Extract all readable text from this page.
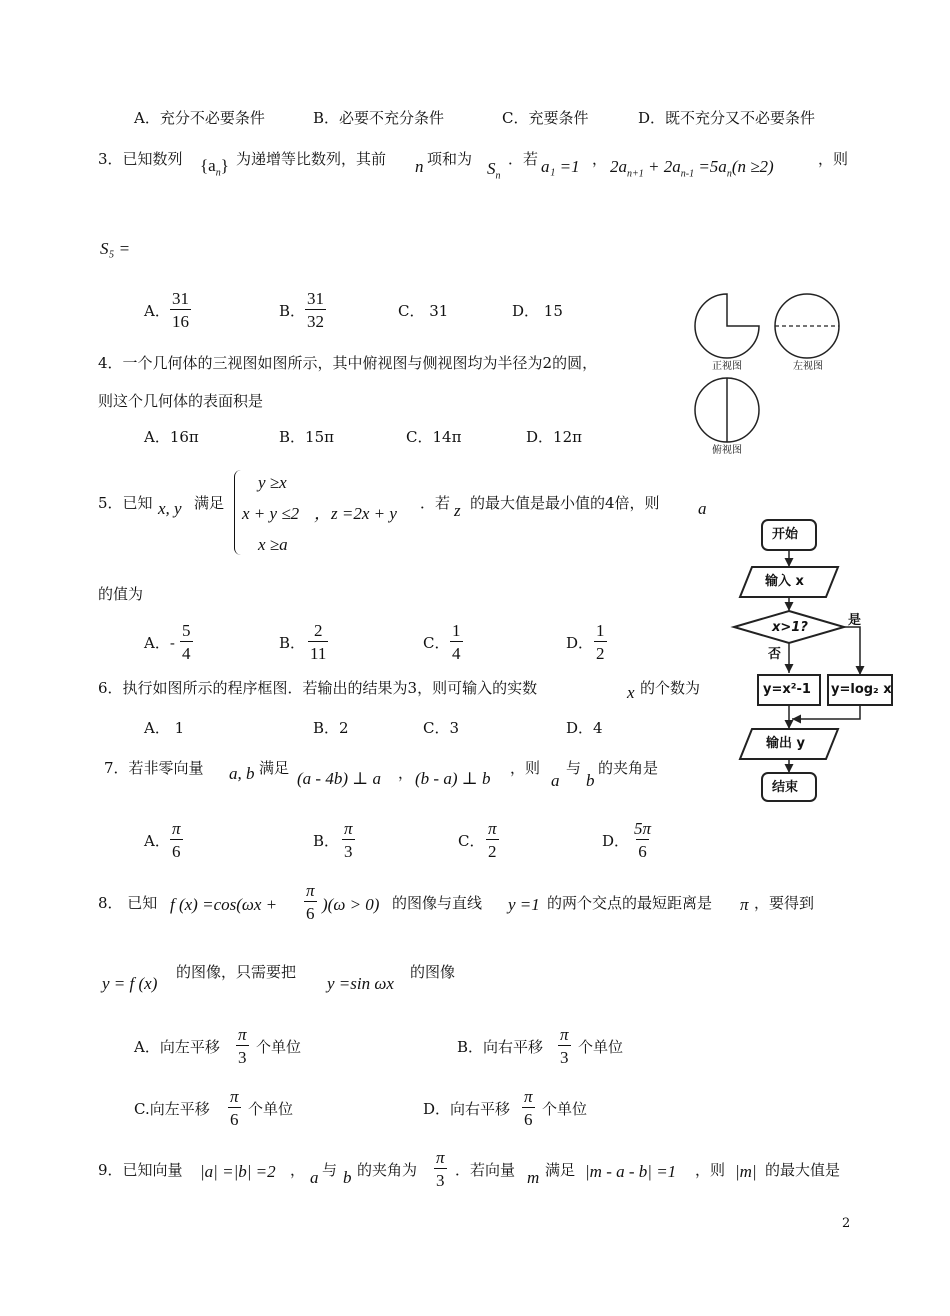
A．充分不必要条件	B．必要不充分条件	C．充要条件	D．既不充分又不必要条件
3．已知数列 $\{a_n\}$ 为递增等比数列，其前 n 项和为 $S_n$
．若 a₁ =1 ， $2a_{n+1} + 2a_{n-1} =5a_n(n \ge 2)$	，则
S₅ =
A． $\frac{31}{16}$	B． $\frac{31}{32}$	C． 31	D． 15
正视图	左视图
俯视图
4．一个几何体的三视图如图所示，其中俯视图与侧视图均为半径为2的圆，
则这个几何体的表面积是
A．16π	B．15π	C．14π	D．12π
5．已知 x, y 满足
y ≥x
x + y ≤2
x ≥a
，z =2x + y
．若 z 的最大值是最小值的4倍，则 a
的值为
A．- $\frac{5}{4}$	B． $\frac{2}{11}$	C． $\frac{1}{4}$	D． $\frac{1}{2}$
开始
输入 x
x>1?	是
否
y=x²-1 y=log₂ x
输出 y
结束
6．执行如图所示的程序框图．若输出的结果为3，则可输入的实数	x 的个数为
A． 1	B．2	C．3	D．4
7．若非零向量 a, b 满足
(a - 4b) ⊥ a ， (b - a) ⊥ b
，则
a
与
b
的夹角是
A． $\frac{\pi}{6}$	B． $\frac{\pi}{3}$	C． $\frac{\pi}{2}$	D． $\frac{5\pi}{6}$
8． 已知 f $(x) =\cos(\omega x + \frac{\pi}{6} )(\omega > 0)$ 的图像与直线 y =1 的两个交点的最短距离是 π ，要得到
y = f (x)
的图像，只需要把
y =sin ωx
的图像
A．向左平移 $\frac{\pi}{3}$ 个单位	B．向右平移 $\frac{\pi}{3}$ 个单位
C.向左平移 $\frac{\pi}{6}$ 个单位	D．向右平移 $\frac{\pi}{6}$ 个单位
9．已知向量 |a| =|b| =2 ， a 与 b 的夹角为 $\frac{\pi}{3}$ ．若向量 m 满足 |m - a - b| =1 ，则 |m| 的最大值是
2
